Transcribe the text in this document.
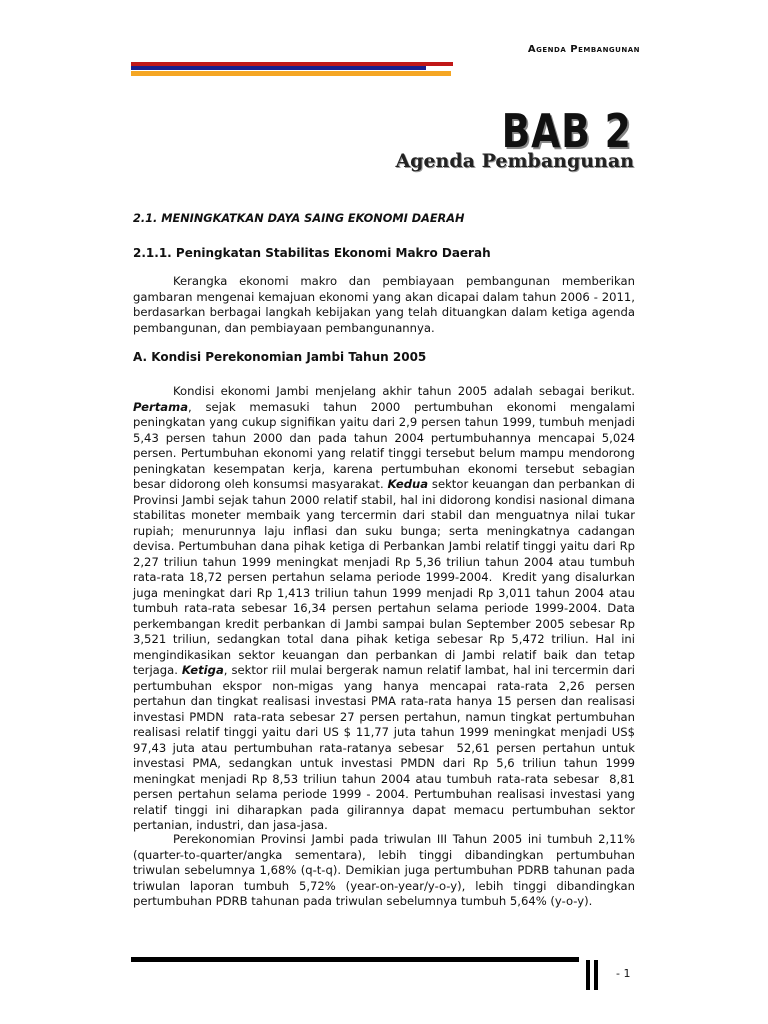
Agenda Pembangunan
BAB 2
Agenda Pembangunan
2.1. MENINGKATKAN DAYA SAING EKONOMI DAERAH
2.1.1. Peningkatan Stabilitas Ekonomi Makro Daerah
Kerangka ekonomi makro dan pembiayaan pembangunan memberikan gambaran mengenai kemajuan ekonomi yang akan dicapai dalam tahun 2006 - 2011, berdasarkan berbagai langkah kebijakan yang telah dituangkan dalam ketiga agenda pembangunan, dan pembiayaan pembangunannya.
A. Kondisi Perekonomian Jambi Tahun 2005
Kondisi ekonomi Jambi menjelang akhir tahun 2005 adalah sebagai berikut. Pertama, sejak memasuki tahun 2000 pertumbuhan ekonomi mengalami peningkatan yang cukup signifikan yaitu dari 2,9 persen tahun 1999, tumbuh menjadi 5,43 persen tahun 2000 dan pada tahun 2004 pertumbuhannya mencapai 5,024 persen. Pertumbuhan ekonomi yang relatif tinggi tersebut belum mampu mendorong peningkatan kesempatan kerja, karena pertumbuhan ekonomi tersebut sebagian besar didorong oleh konsumsi masyarakat. Kedua sektor keuangan dan perbankan di Provinsi Jambi sejak tahun 2000 relatif stabil, hal ini didorong kondisi nasional dimana stabilitas moneter membaik yang tercermin dari stabil dan menguatnya nilai tukar rupiah; menurunnya laju inflasi dan suku bunga; serta meningkatnya cadangan devisa. Pertumbuhan dana pihak ketiga di Perbankan Jambi relatif tinggi yaitu dari Rp 2,27 triliun tahun 1999 meningkat menjadi Rp 5,36 triliun tahun 2004 atau tumbuh rata-rata 18,72 persen pertahun selama periode 1999-2004.  Kredit yang disalurkan juga meningkat dari Rp 1,413 triliun tahun 1999 menjadi Rp 3,011 tahun 2004 atau tumbuh rata-rata sebesar 16,34 persen pertahun selama periode 1999-2004. Data perkembangan kredit perbankan di Jambi sampai bulan September 2005 sebesar Rp 3,521 triliun, sedangkan total dana pihak ketiga sebesar Rp 5,472 triliun. Hal ini mengindikasikan sektor keuangan dan perbankan di Jambi relatif baik dan tetap terjaga. Ketiga, sektor riil mulai bergerak namun relatif lambat, hal ini tercermin dari pertumbuhan ekspor non-migas yang hanya mencapai rata-rata 2,26 persen pertahun dan tingkat realisasi investasi PMA rata-rata hanya 15 persen dan realisasi investasi PMDN  rata-rata sebesar 27 persen pertahun, namun tingkat pertumbuhan realisasi relatif tinggi yaitu dari US $ 11,77 juta tahun 1999 meningkat menjadi US$ 97,43 juta atau pertumbuhan rata-ratanya sebesar  52,61 persen pertahun untuk investasi PMA, sedangkan untuk investasi PMDN dari Rp 5,6 triliun tahun 1999 meningkat menjadi Rp 8,53 triliun tahun 2004 atau tumbuh rata-rata sebesar  8,81 persen pertahun selama periode 1999 - 2004. Pertumbuhan realisasi investasi yang relatif tinggi ini diharapkan pada gilirannya dapat memacu pertumbuhan sektor pertanian, industri, dan jasa-jasa.
Perekonomian Provinsi Jambi pada triwulan III Tahun 2005 ini tumbuh 2,11% (quarter-to-quarter/angka sementara), lebih tinggi dibandingkan pertumbuhan triwulan sebelumnya 1,68% (q-t-q). Demikian juga pertumbuhan PDRB tahunan pada triwulan laporan tumbuh 5,72% (year-on-year/y-o-y), lebih tinggi dibandingkan pertumbuhan PDRB tahunan pada triwulan sebelumnya tumbuh 5,64% (y-o-y).
- 1
